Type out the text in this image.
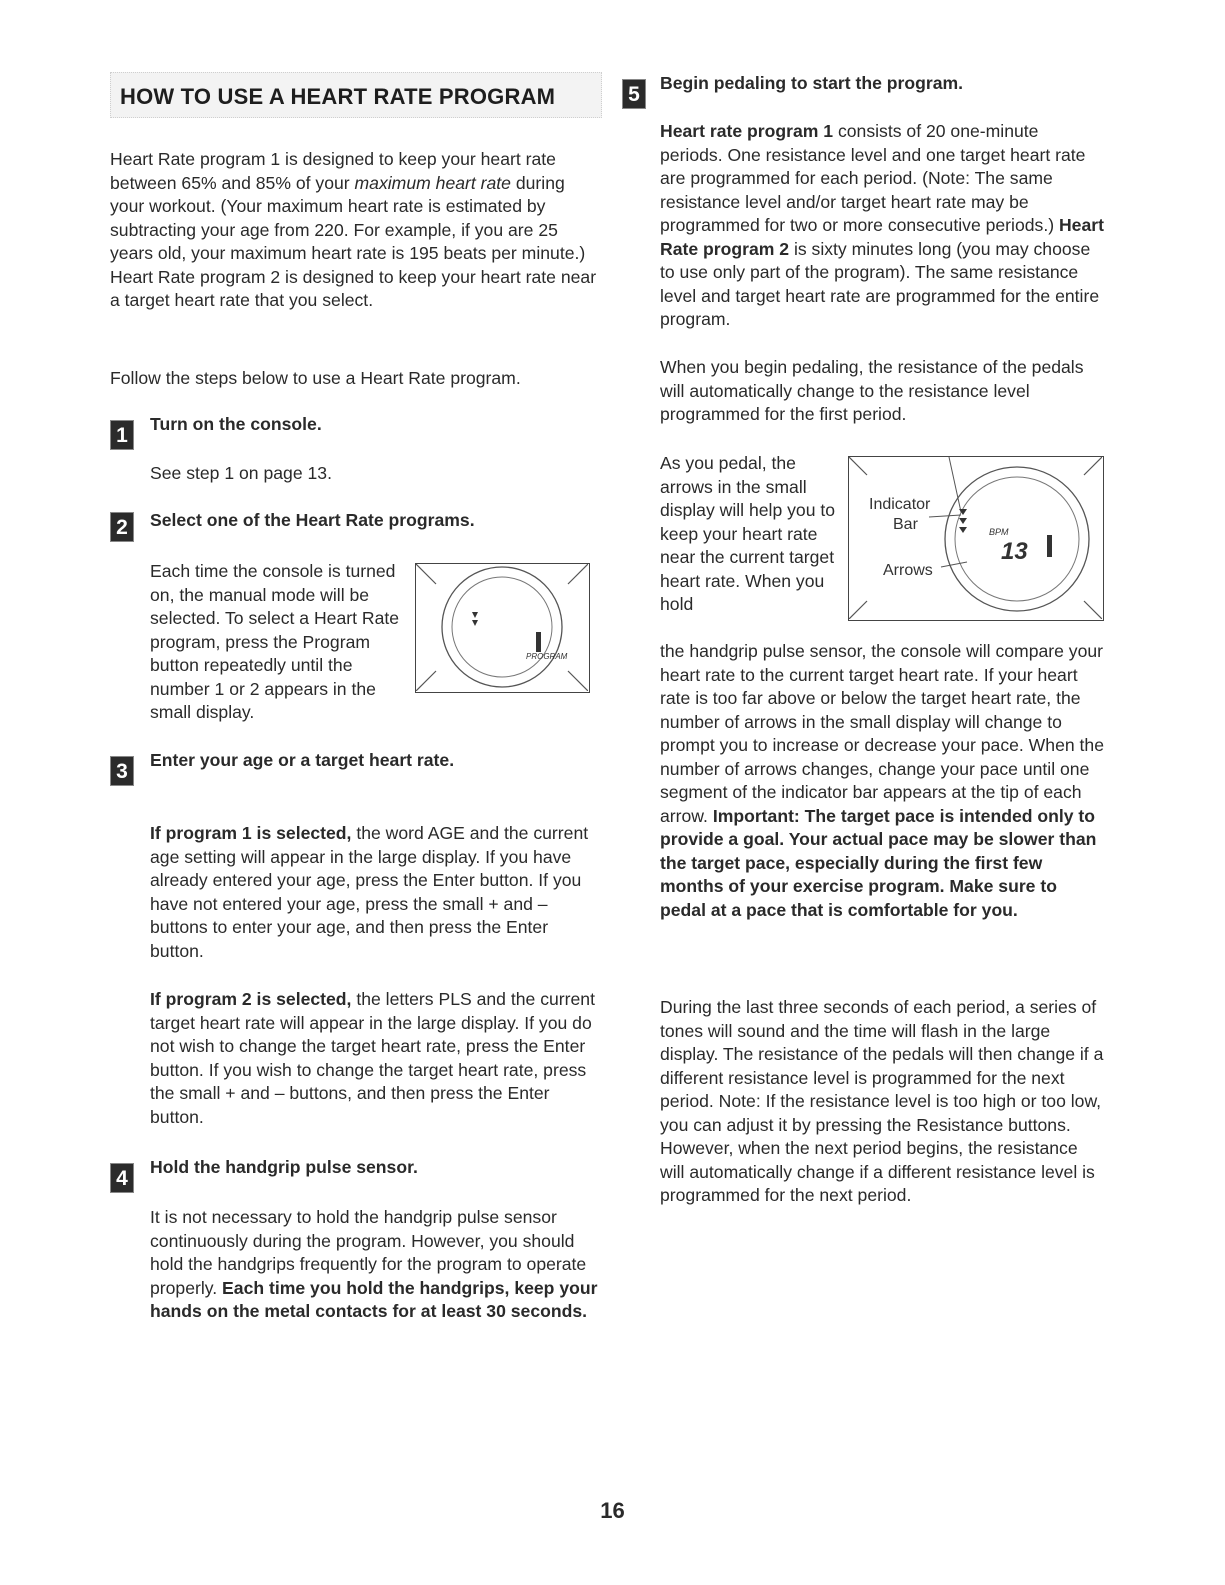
HOW TO USE A HEART RATE PROGRAM

Heart Rate program 1 is designed to keep your heart rate between 65% and 85% of your maximum heart rate during your workout. (Your maximum heart rate is estimated by subtracting your age from 220. For example, if you are 25 years old, your maximum heart rate is 195 beats per minute.) Heart Rate program 2 is designed to keep your heart rate near a target heart rate that you select.

Follow the steps below to use a Heart Rate program.

1	Turn on the console.

See step 1 on page 13.

2	Select one of the Heart Rate programs.

Each time the console is turned on, the manual mode will be selected. To select a Heart Rate program, press the Program button repeatedly until the number 1 or 2 appears in the small display.

PROGRAM
3	Enter your age or a target heart rate.

If program 1 is selected, the word AGE and the current age setting will appear in the large display. If you have already entered your age, press the Enter button. If you have not entered your age, press the small + and – buttons to enter your age, and then press the Enter button.

If program 2 is selected, the letters PLS and the current target heart rate will appear in the large display. If you do not wish to change the target heart rate, press the Enter button. If you wish to change the target heart rate, press the small + and – buttons, and then press the Enter button.

4	Hold the handgrip pulse sensor.

It is not necessary to hold the handgrip pulse sensor continuously during the program. However, you should hold the handgrips frequently for the program to operate properly. Each time you hold the handgrips, keep your hands on the metal contacts for at least 30 seconds.

5	Begin pedaling to start the program.

Heart rate program 1 consists of 20 one-minute periods. One resistance level and one target heart rate are programmed for each period. (Note: The same resistance level and/or target heart rate may be programmed for two or more consecutive periods.) Heart Rate program 2 is sixty minutes long (you may choose to use only part of the program). The same resistance level and target heart rate are programmed for the entire program.

When you begin pedaling, the resistance of the pedals will automatically change to the resistance level programmed for the first period.

As you pedal, the arrows in the small display will help you to keep your heart rate near the current target heart rate. When you hold

Indicator
Bar
Arrows
BPM
13

the handgrip pulse sensor, the console will compare your heart rate to the current target heart rate. If your heart rate is too far above or below the target heart rate, the number of arrows in the small display will change to prompt you to increase or decrease your pace. When the number of arrows changes, change your pace until one segment of the indicator bar appears at the tip of each arrow. Important: The target pace is intended only to provide a goal. Your actual pace may be slower than the target pace, especially during the first few months of your exercise program. Make sure to pedal at a pace that is comfortable for you.

During the last three seconds of each period, a series of tones will sound and the time will flash in the large display. The resistance of the pedals will then change if a different resistance level is programmed for the next period. Note: If the resistance level is too high or too low, you can adjust it by pressing the Resistance buttons. However, when the next period begins, the resistance will automatically change if a different resistance level is programmed for the next period.

16
